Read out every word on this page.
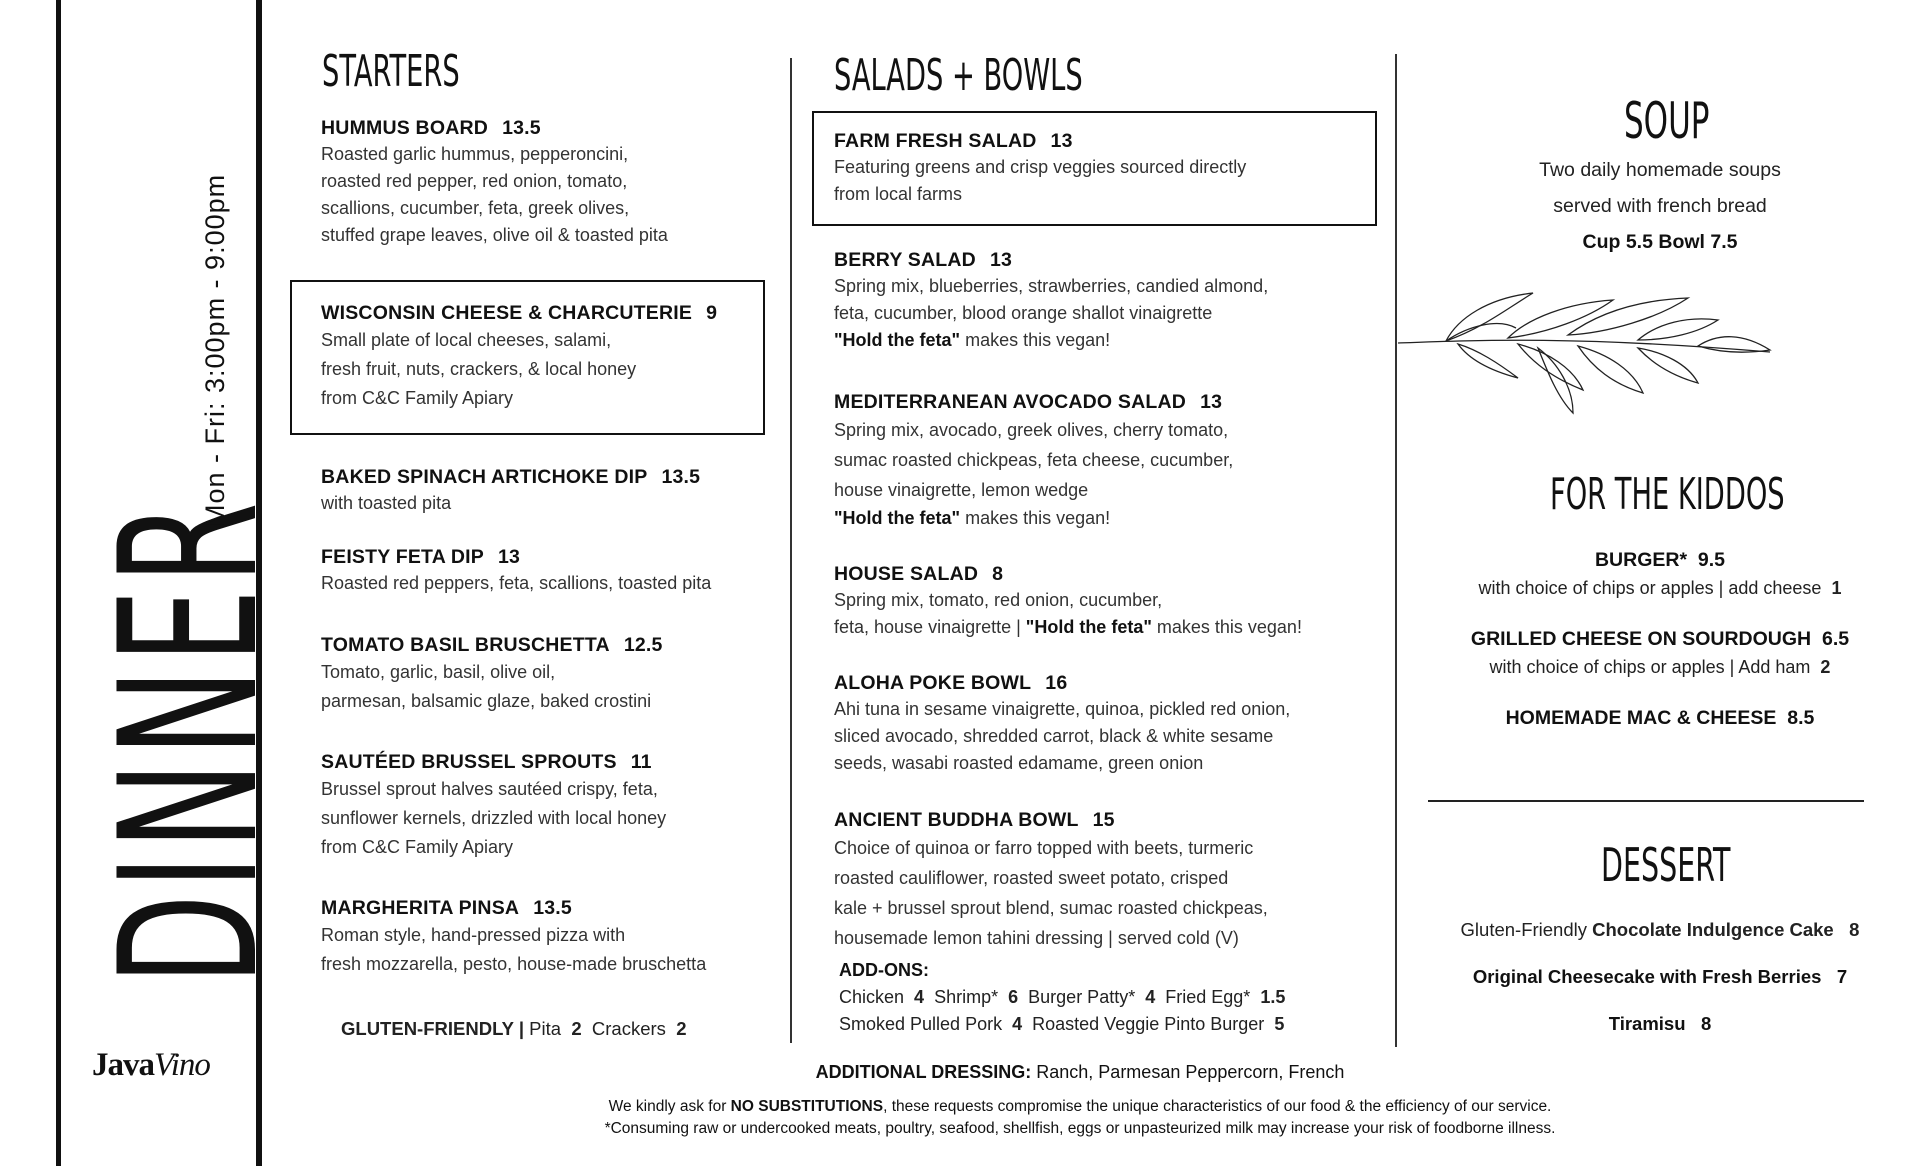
DINNER
Mon - Fri: 3:00pm - 9:00pm
JavaVino
STARTERS
HUMMUS BOARD 13.5
Roasted garlic hummus, pepperoncini,
roasted red pepper, red onion, tomato,
scallions, cucumber, feta, greek olives,
stuffed grape leaves, olive oil & toasted pita
WISCONSIN CHEESE & CHARCUTERIE 9
Small plate of local cheeses, salami,
fresh fruit, nuts, crackers, & local honey
from C&C Family Apiary
BAKED SPINACH ARTICHOKE DIP 13.5
with toasted pita
FEISTY FETA DIP 13
Roasted red peppers, feta, scallions, toasted pita
TOMATO BASIL BRUSCHETTA 12.5
Tomato, garlic, basil, olive oil,
parmesan, balsamic glaze, baked crostini
SAUTÉED BRUSSEL SPROUTS 11
Brussel sprout halves sautéed crispy, feta,
sunflower kernels, drizzled with local honey
from C&C Family Apiary
MARGHERITA PINSA 13.5
Roman style, hand-pressed pizza with
fresh mozzarella, pesto, house-made bruschetta
GLUTEN-FRIENDLY | Pita 2 Crackers 2
SALADS + BOWLS
FARM FRESH SALAD 13
Featuring greens and crisp veggies sourced directly
from local farms
BERRY SALAD 13
Spring mix, blueberries, strawberries, candied almond,
feta, cucumber, blood orange shallot vinaigrette
"Hold the feta" makes this vegan!
MEDITERRANEAN AVOCADO SALAD 13
Spring mix, avocado, greek olives, cherry tomato,
sumac roasted chickpeas, feta cheese, cucumber,
house vinaigrette, lemon wedge
"Hold the feta" makes this vegan!
HOUSE SALAD 8
Spring mix, tomato, red onion, cucumber,
feta, house vinaigrette | "Hold the feta" makes this vegan!
ALOHA POKE BOWL 16
Ahi tuna in sesame vinaigrette, quinoa, pickled red onion,
sliced avocado, shredded carrot, black & white sesame
seeds, wasabi roasted edamame, green onion
ANCIENT BUDDHA BOWL 15
Choice of quinoa or farro topped with beets, turmeric
roasted cauliflower, roasted sweet potato, crisped
kale + brussel sprout blend, sumac roasted chickpeas,
housemade lemon tahini dressing | served cold (V)
ADD-ONS:
Chicken 4 Shrimp* 6 Burger Patty* 4 Fried Egg* 1.5
Smoked Pulled Pork 4 Roasted Veggie Pinto Burger 5
SOUP
Two daily homemade soups
served with french bread
Cup 5.5 Bowl 7.5
FOR THE KIDDOS
BURGER* 9.5
with choice of chips or apples | add cheese 1
GRILLED CHEESE ON SOURDOUGH 6.5
with choice of chips or apples | Add ham 2
HOMEMADE MAC & CHEESE 8.5
DESSERT
Gluten-Friendly Chocolate Indulgence Cake 8
Original Cheesecake with Fresh Berries 7
Tiramisu 8
ADDITIONAL DRESSING: Ranch, Parmesan Peppercorn, French
We kindly ask for NO SUBSTITUTIONS, these requests compromise the unique characteristics of our food & the efficiency of our service.
*Consuming raw or undercooked meats, poultry, seafood, shellfish, eggs or unpasteurized milk may increase your risk of foodborne illness.
